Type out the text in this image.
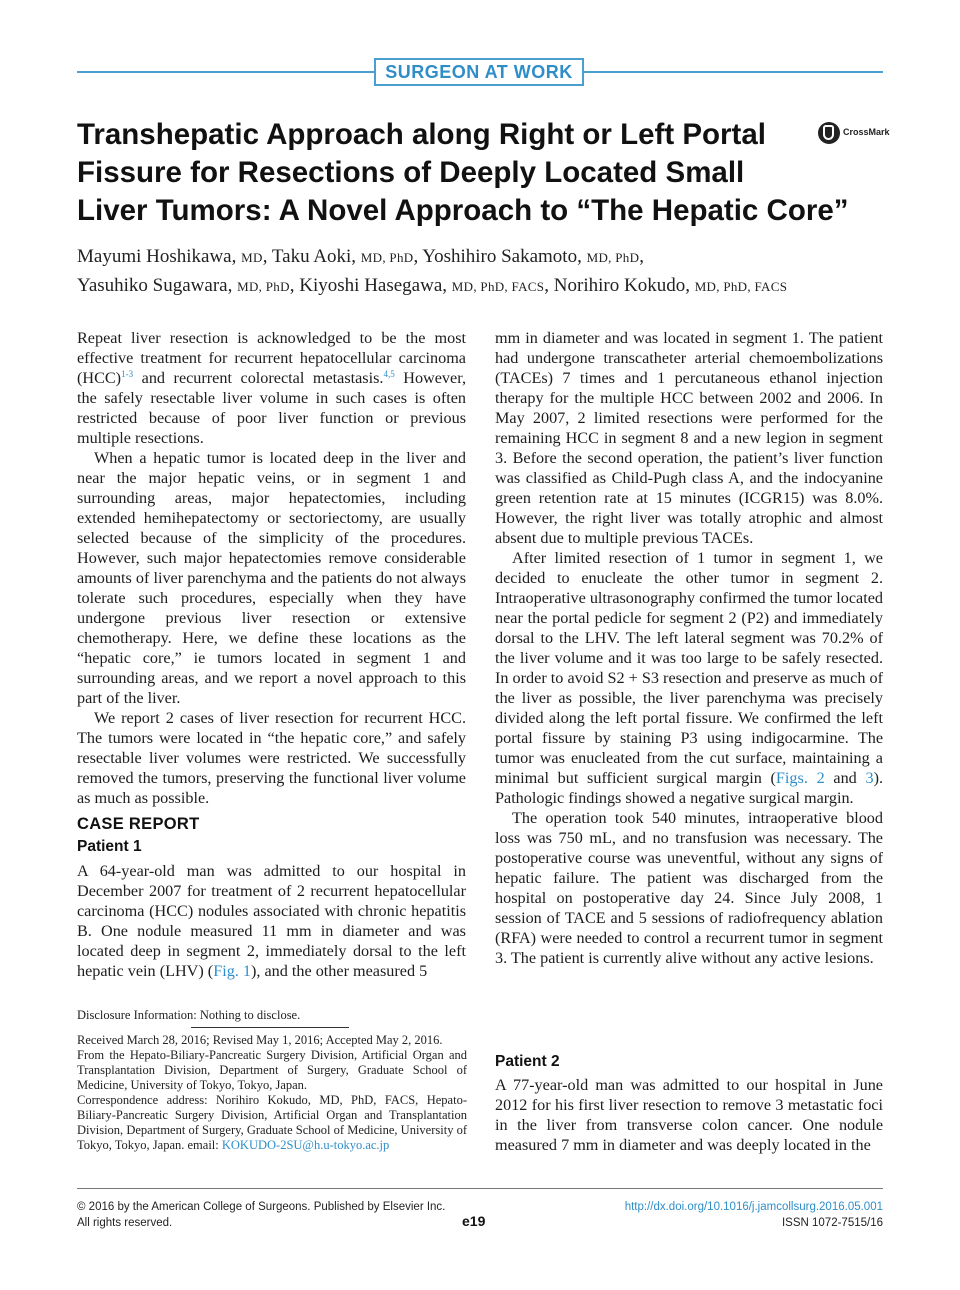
SURGEON AT WORK
Transhepatic Approach along Right or Left Portal
Fissure for Resections of Deeply Located Small
Liver Tumors: A Novel Approach to “The Hepatic Core”
CrossMark
Mayumi Hoshikawa, MD, Taku Aoki, MD, PhD, Yoshihiro Sakamoto, MD, PhD,
Yasuhiko Sugawara, MD, PhD, Kiyoshi Hasegawa, MD, PhD, FACS, Norihiro Kokudo, MD, PhD, FACS

Repeat liver resection is acknowledged to be the most effective treatment for recurrent hepatocellular carcinoma (HCC)$^{1-3}$ and recurrent colorectal metastasis.$^{4,5}$ However, the safely resectable liver volume in such cases is often restricted because of poor liver function or previous multiple resections.

When a hepatic tumor is located deep in the liver and near the major hepatic veins, or in segment 1 and surrounding areas, major hepatectomies, including extended hemihepatectomy or sectoriectomy, are usually selected because of the simplicity of the procedures. However, such major hepatectomies remove considerable amounts of liver parenchyma and the patients do not always tolerate such procedures, especially when they have undergone previous liver resection or extensive chemotherapy. Here, we define these locations as the “hepatic core,” ie tumors located in segment 1 and surrounding areas, and we report a novel approach to this part of the liver.

We report 2 cases of liver resection for recurrent HCC. The tumors were located in “the hepatic core,” and safely resectable liver volumes were restricted. We successfully removed the tumors, preserving the functional liver volume as much as possible.

CASE REPORT
Patient 1

A 64-year-old man was admitted to our hospital in December 2007 for treatment of 2 recurrent hepatocellular carcinoma (HCC) nodules associated with chronic hepatitis B. One nodule measured 11 mm in diameter and was located deep in segment 2, immediately dorsal to the left hepatic vein (LHV) (Fig. 1), and the other measured 5

Disclosure Information: Nothing to disclose.
Received March 28, 2016; Revised May 1, 2016; Accepted May 2, 2016.
From the Hepato-Biliary-Pancreatic Surgery Division, Artificial Organ and Transplantation Division, Department of Surgery, Graduate School of Medicine, University of Tokyo, Tokyo, Japan.
Correspondence address: Norihiro Kokudo, MD, PhD, FACS, Hepato-Biliary-Pancreatic Surgery Division, Artificial Organ and Transplantation Division, Department of Surgery, Graduate School of Medicine, University of Tokyo, Tokyo, Japan. email: KOKUDO-2SU@h.u-tokyo.ac.jp

mm in diameter and was located in segment 1. The patient had undergone transcatheter arterial chemoembolizations (TACEs) 7 times and 1 percutaneous ethanol injection therapy for the multiple HCC between 2002 and 2006. In May 2007, 2 limited resections were performed for the remaining HCC in segment 8 and a new legion in segment 3. Before the second operation, the patient’s liver function was classified as Child-Pugh class A, and the indocyanine green retention rate at 15 minutes (ICGR15) was 8.0%. However, the right liver was totally atrophic and almost absent due to multiple previous TACEs.

After limited resection of 1 tumor in segment 1, we decided to enucleate the other tumor in segment 2. Intraoperative ultrasonography confirmed the tumor located near the portal pedicle for segment 2 (P2) and immediately dorsal to the LHV. The left lateral segment was 70.2% of the liver volume and it was too large to be safely resected. In order to avoid S2 + S3 resection and preserve as much of the liver as possible, the liver parenchyma was precisely divided along the left portal fissure. We confirmed the left portal fissure by staining P3 using indigocarmine. The tumor was enucleated from the cut surface, maintaining a minimal but sufficient surgical margin (Figs. 2 and 3). Pathologic findings showed a negative surgical margin.

The operation took 540 minutes, intraoperative blood loss was 750 mL, and no transfusion was necessary. The postoperative course was uneventful, without any signs of hepatic failure. The patient was discharged from the hospital on postoperative day 24. Since July 2008, 1 session of TACE and 5 sessions of radiofrequency ablation (RFA) were needed to control a recurrent tumor in segment 3. The patient is currently alive without any active lesions.

Patient 2

A 77-year-old man was admitted to our hospital in June 2012 for his first liver resection to remove 3 metastatic foci in the liver from transverse colon cancer. One nodule measured 7 mm in diameter and was deeply located in the

© 2016 by the American College of Surgeons. Published by Elsevier Inc.
All rights reserved.	e19
http://dx.doi.org/10.1016/j.jamcollsurg.2016.05.001
ISSN 1072-7515/16
